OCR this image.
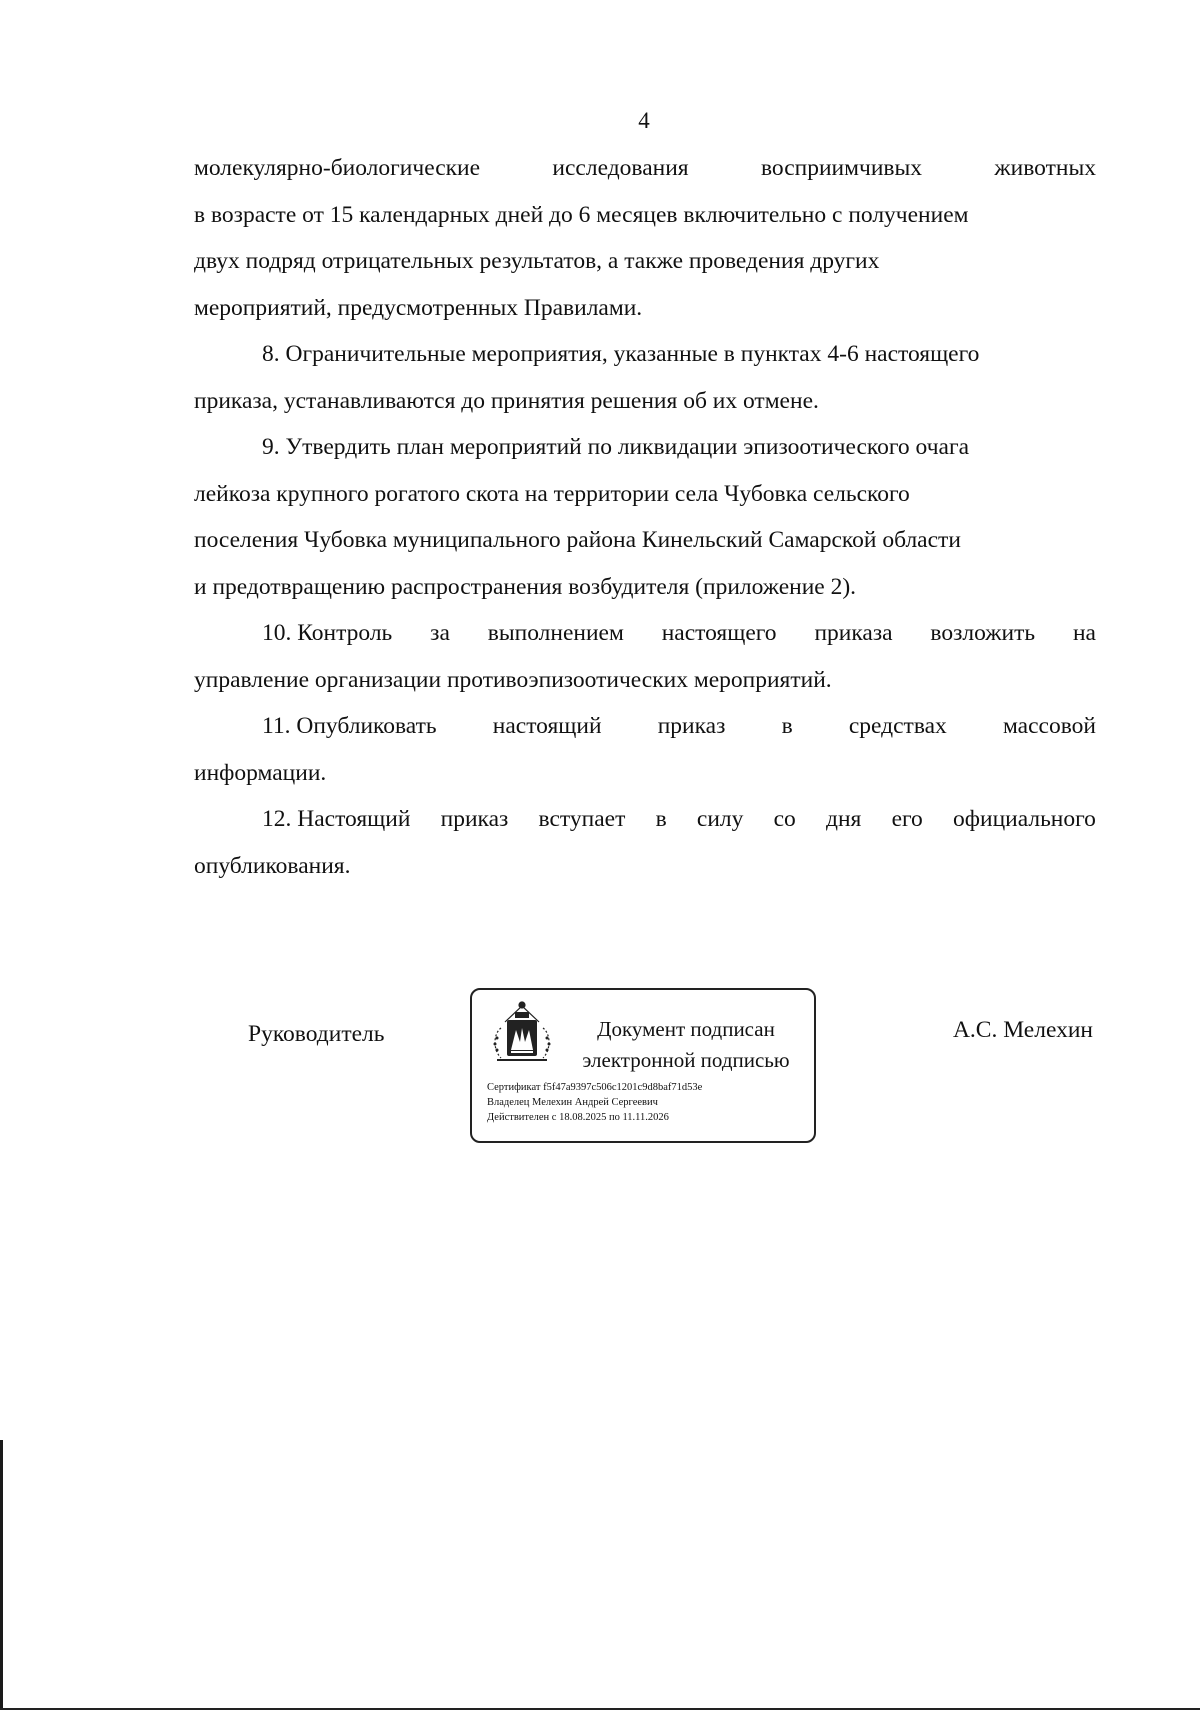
4
молекулярно-биологические	исследования	восприимчивых	животных
в возрасте от 15 календарных дней до 6 месяцев включительно с получением
двух подряд отрицательных результатов, а также проведения других
мероприятий, предусмотренных Правилами.
8. Ограничительные мероприятия, указанные в пунктах 4-6 настоящего
приказа, устанавливаются до принятия решения об их отмене.
9. Утвердить план мероприятий по ликвидации эпизоотического очага
лейкоза крупного рогатого скота на территории села Чубовка сельского
поселения Чубовка муниципального района Кинельский Самарской области
и предотвращению распространения возбудителя (приложение 2).
10. Контроль за выполнением настоящего приказа возложить на
управление организации противоэпизоотических мероприятий.
11. Опубликовать настоящий приказ в средствах массовой
информации.
12. Настоящий приказ вступает в силу со дня его официального
опубликования.
Руководитель	Документ подписан
электронной подписью
Сертификат f5f47a9397c506c1201c9d8baf71d53e
Владелец Мелехин Андрей Сергеевич
Действителен с 18.08.2025 по 11.11.2026
А.С. Мелехин
